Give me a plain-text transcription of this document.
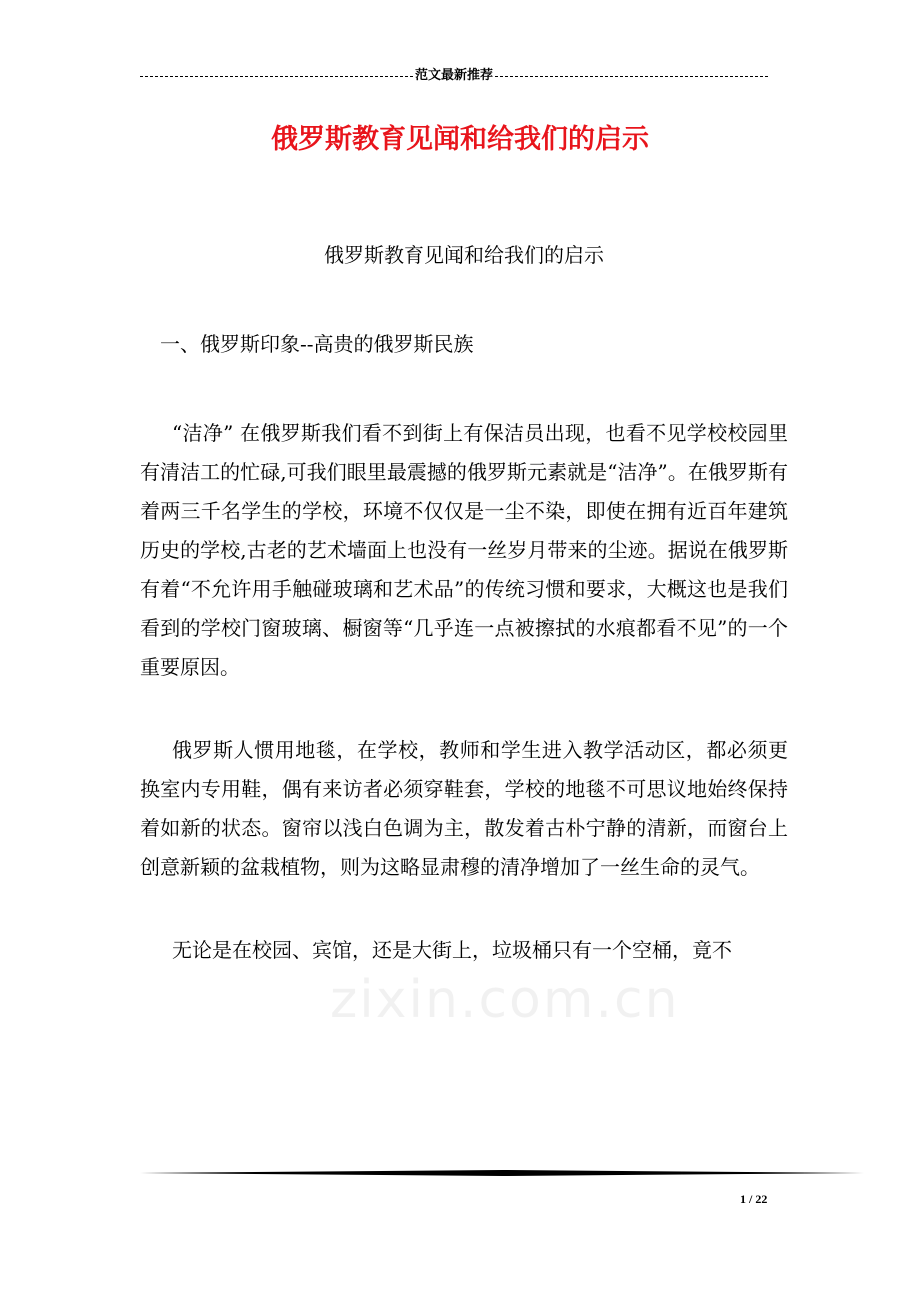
范文最新推荐
俄罗斯教育见闻和给我们的启示

俄罗斯教育见闻和给我们的启示

一、俄罗斯印象--高贵的俄罗斯民族

“洁净” 在俄罗斯我们看不到街上有保洁员出现，也看不见学校校园里有清洁工的忙碌,可我们眼里最震撼的俄罗斯元素就是“洁净”。在俄罗斯有着两三千名学生的学校，环境不仅仅是一尘不染，即使在拥有近百年建筑历史的学校,古老的艺术墙面上也没有一丝岁月带来的尘迹。据说在俄罗斯有着“不允许用手触碰玻璃和艺术品”的传统习惯和要求，大概这也是我们看到的学校门窗玻璃、橱窗等“几乎连一点被擦拭的水痕都看不见”的一个重要原因。

俄罗斯人惯用地毯，在学校，教师和学生进入教学活动区，都必须更换室内专用鞋，偶有来访者必须穿鞋套，学校的地毯不可思议地始终保持着如新的状态。窗帘以浅白色调为主，散发着古朴宁静的清新，而窗台上创意新颖的盆栽植物，则为这略显肃穆的清净增加了一丝生命的灵气。

无论是在校园、宾馆，还是大街上，垃圾桶只有一个空桶，竟不

zixin.com.cn
1 / 22
